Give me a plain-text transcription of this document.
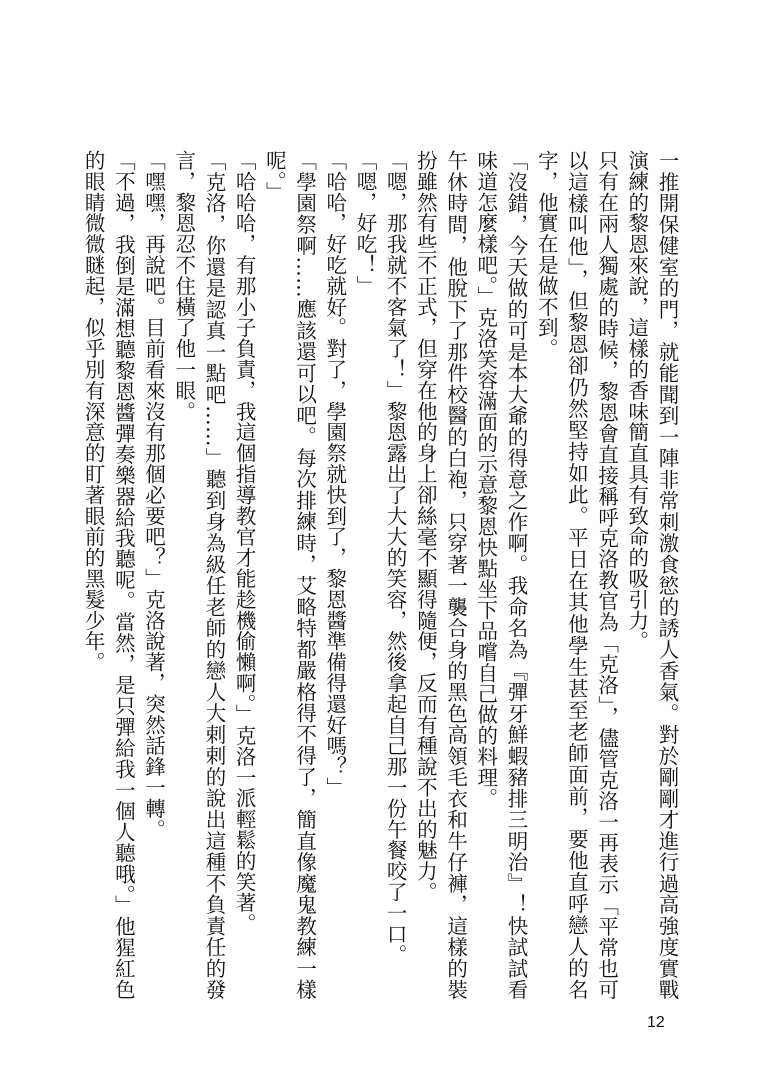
一推開保健室的門，就能聞到一陣非常刺激食慾的誘人香氣。對於剛剛才進行過高強度實戰演練的黎恩來說，這樣的香味簡直具有致命的吸引力。

只有在兩人獨處的時候，黎恩會直接稱呼克洛教官為「克洛」，儘管克洛一再表示「平常也可以這樣叫他」，但黎恩卻仍然堅持如此。平日在其他學生甚至老師面前，要他直呼戀人的名字，他實在是做不到。

「沒錯，今天做的可是本大爺的得意之作啊。我命名為『彈牙鮮蝦豬排三明治』！快試試看味道怎麼樣吧。」克洛笑容滿面的示意黎恩快點坐下品嚐自己做的料理。

午休時間，他脫下了那件校醫的白袍，只穿著一襲合身的黑色高領毛衣和牛仔褲，這樣的裝扮雖然有些不正式，但穿在他的身上卻絲毫不顯得隨便，反而有種說不出的魅力。

「嗯，那我就不客氣了！」黎恩露出了大大的笑容，然後拿起自己那一份午餐咬了一口。

「嗯，好吃！」

「哈哈，好吃就好。對了，學園祭就快到了，黎恩醬準備得還好嗎？」

「學園祭啊……應該還可以吧。每次排練時，艾略特都嚴格得不得了，簡直像魔鬼教練一樣呢。」

「哈哈哈，有那小子負責，我這個指導教官才能趁機偷懶啊。」克洛一派輕鬆的笑著。

「克洛，你還是認真一點吧……」聽到身為級任老師的戀人大剌剌的說出這種不負責任的發言，黎恩忍不住橫了他一眼。

「嘿嘿，再說吧。目前看來沒有那個必要吧？」克洛說著，突然話鋒一轉。

「不過，我倒是滿想聽黎恩醬彈奏樂器給我聽呢。當然，是只彈給我一個人聽哦。」他猩紅色的眼睛微微瞇起，似乎別有深意的盯著眼前的黑髮少年。

12
